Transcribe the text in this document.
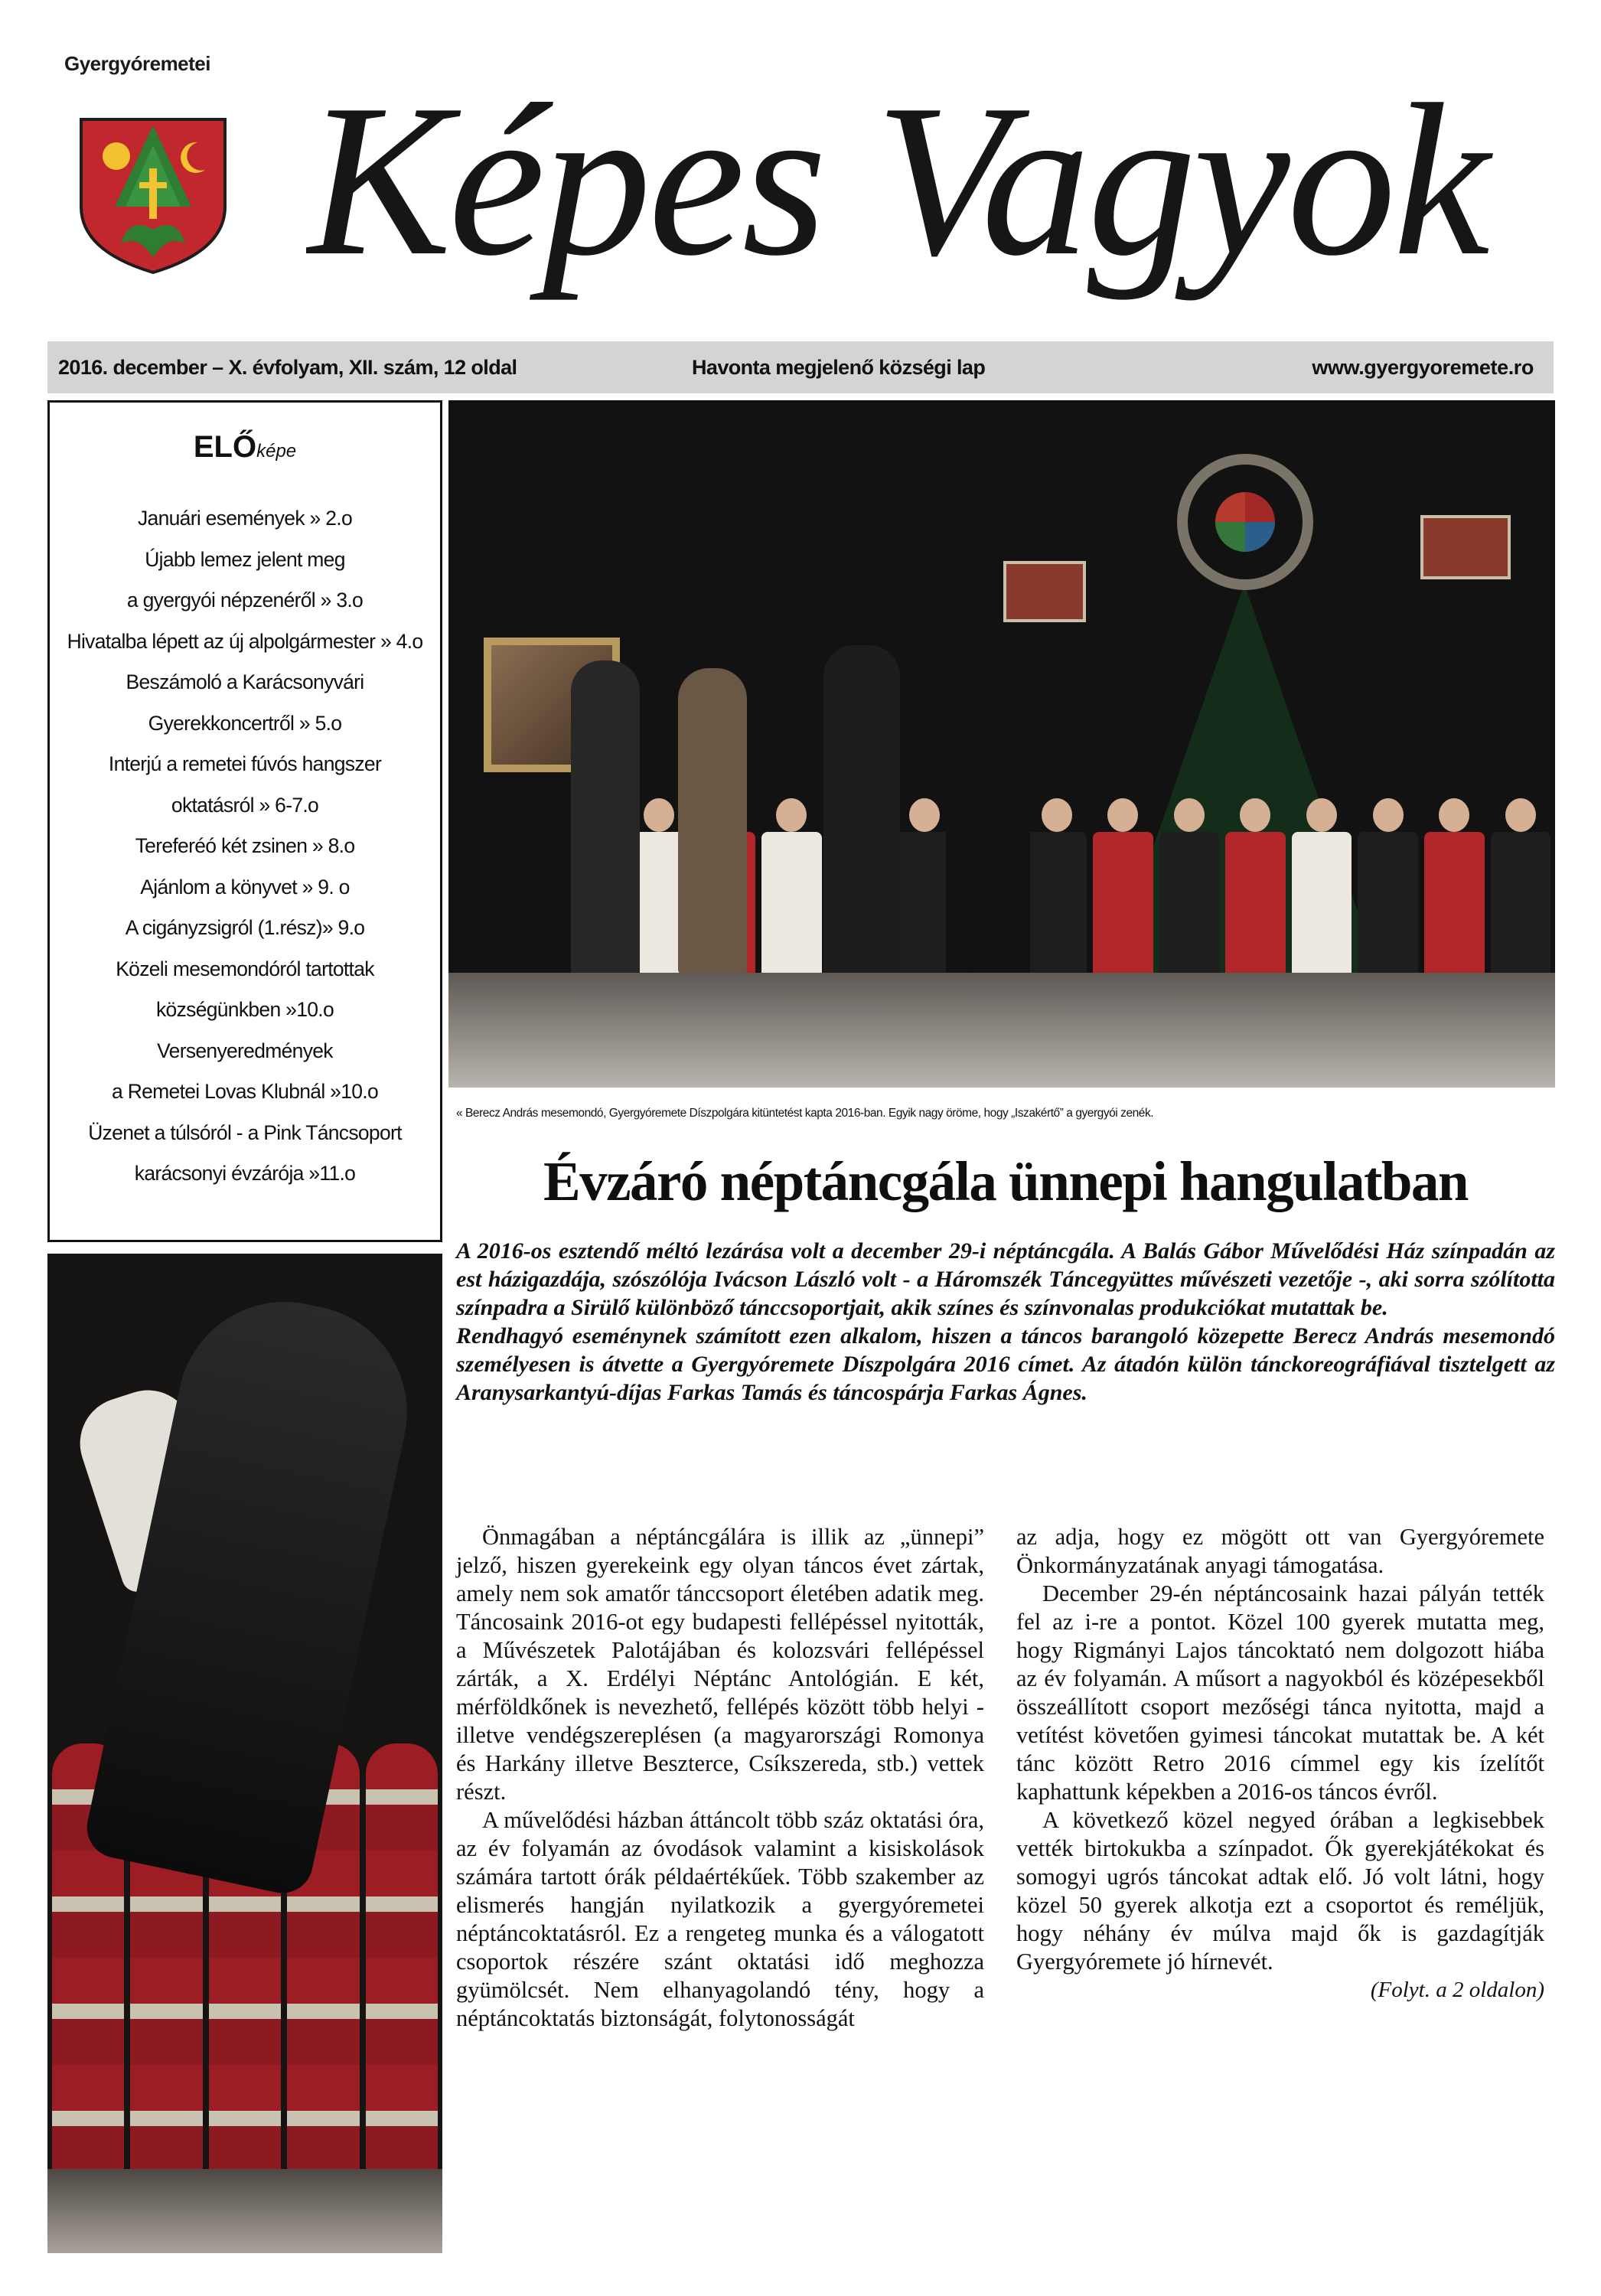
Gyergyóremetei Képes Vagyok
2016. december – X. évfolyam, XII. szám, 12 oldal	Havonta megjelenő községi lap	www.gyergyoremete.ro
ELŐképe
Januári események » 2.o
Újabb lemez jelent meg
a gyergyói népzenéről » 3.o
Hivatalba lépett az új alpolgármester » 4.o
Beszámoló a Karácsonyvári
Gyerekkoncertről » 5.o
Interjú a remetei fúvós hangszer
oktatásról » 6-7.o
Tereferéó két zsinen » 8.o
Ajánlom a könyvet » 9. o
A cigányzsigról (1.rész)» 9.o
Közeli mesemondóról tartottak
községünkben »10.o
Versenyeredmények
a Remetei Lovas Klubnál »10.o
Üzenet a túlsóról - a Pink Táncsoport
karácsonyi évzárója »11.o
« Berecz András mesemondó, Gyergyóremete Díszpolgára kitüntetést kapta 2016-ban. Egyik nagy öröme, hogy „Iszakértő” a gyergyói zenék.
Évzáró néptáncgála ünnepi hangulatban

A 2016-os esztendő méltó lezárása volt a december 29-i néptáncgála. A Balás Gábor Művelődési Ház színpadán az est házigazdája, szószólója Ivácson László volt - a Háromszék Táncegyüttes művészeti vezetője -, aki sorra szólította színpadra a Sirülő különböző tánccsoportjait, akik színes és színvonalas produkciókat mutattak be.

Rendhagyó eseménynek számított ezen alkalom, hiszen a táncos barangoló közepette Berecz András mesemondó személyesen is átvette a Gyergyóremete Díszpolgára 2016 címet. Az átadón külön tánckoreográfiával tisztelgett az Aranysarkantyú-díjas Farkas Tamás és táncospárja Farkas Ágnes.

Önmagában a néptáncgálára is illik az „ünnepi” jelző, hiszen gyerekeink egy olyan táncos évet zártak, amely nem sok amatőr tánccsoport életében adatik meg. Táncosaink 2016-ot egy budapesti fellépéssel nyitották, a Művészetek Palotájában és kolozsvári fellépéssel zárták, a X. Erdélyi Néptánc Antológián. E két, mérföldkőnek is nevezhető, fellépés között több helyi - illetve vendégszereplésen (a magyarországi Romonya és Harkány illetve Beszterce, Csíkszereda, stb.) vettek részt.

A művelődési házban áttáncolt több száz oktatási óra, az év folyamán az óvodások valamint a kisiskolások számára tartott órák példaértékűek. Több szakember az elismerés hangján nyilatkozik a gyergyóremetei néptáncoktatásról. Ez a rengeteg munka és a válogatott csoportok részére szánt oktatási idő meghozza gyümölcsét. Nem elhanyagolandó tény, hogy a néptáncoktatás biztonságát, folytonosságát

az adja, hogy ez mögött ott van Gyergyóremete Önkormányzatának anyagi támogatása.

December 29-én néptáncosaink hazai pályán tették fel az i-re a pontot. Közel 100 gyerek mutatta meg, hogy Rigmányi Lajos táncoktató nem dolgozott hiába az év folyamán. A műsort a nagyokból és középesekből összeállított csoport mezőségi tánca nyitotta, majd a vetítést követően gyimesi táncokat mutattak be. A két tánc között Retro 2016 címmel egy kis ízelítőt kaphattunk képekben a 2016-os táncos évről.

A következő közel negyed órában a legkisebbek vették birtokukba a színpadot. Ők gyerekjátékokat és somogyi ugrós táncokat adtak elő. Jó volt látni, hogy közel 50 gyerek alkotja ezt a csoportot és reméljük, hogy néhány év múlva majd ők is gazdagítják Gyergyóremete jó hírnevét.

(Folyt. a 2 oldalon)
